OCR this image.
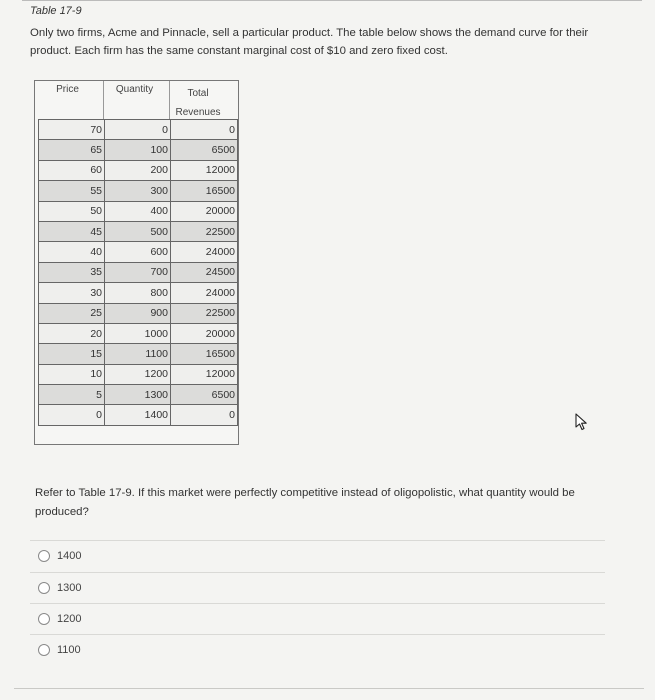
Table 17-9
Only two firms, Acme and Pinnacle, sell a particular product. The table below shows the demand curve for their product. Each firm has the same constant marginal cost of $10 and zero fixed cost.
Price	Quantity	Total Revenues
70	0	0
65	100	6500
60	200	12000
55	300	16500
50	400	20000
45	500	22500
40	600	24000
35	700	24500
30	800	24000
25	900	22500
20	1000	20000
15	1100	16500
10	1200	12000
5	1300	6500
0	1400	0
Refer to Table 17-9. If this market were perfectly competitive instead of oligopolistic, what quantity would be produced?
1400
1300
1200
1100
